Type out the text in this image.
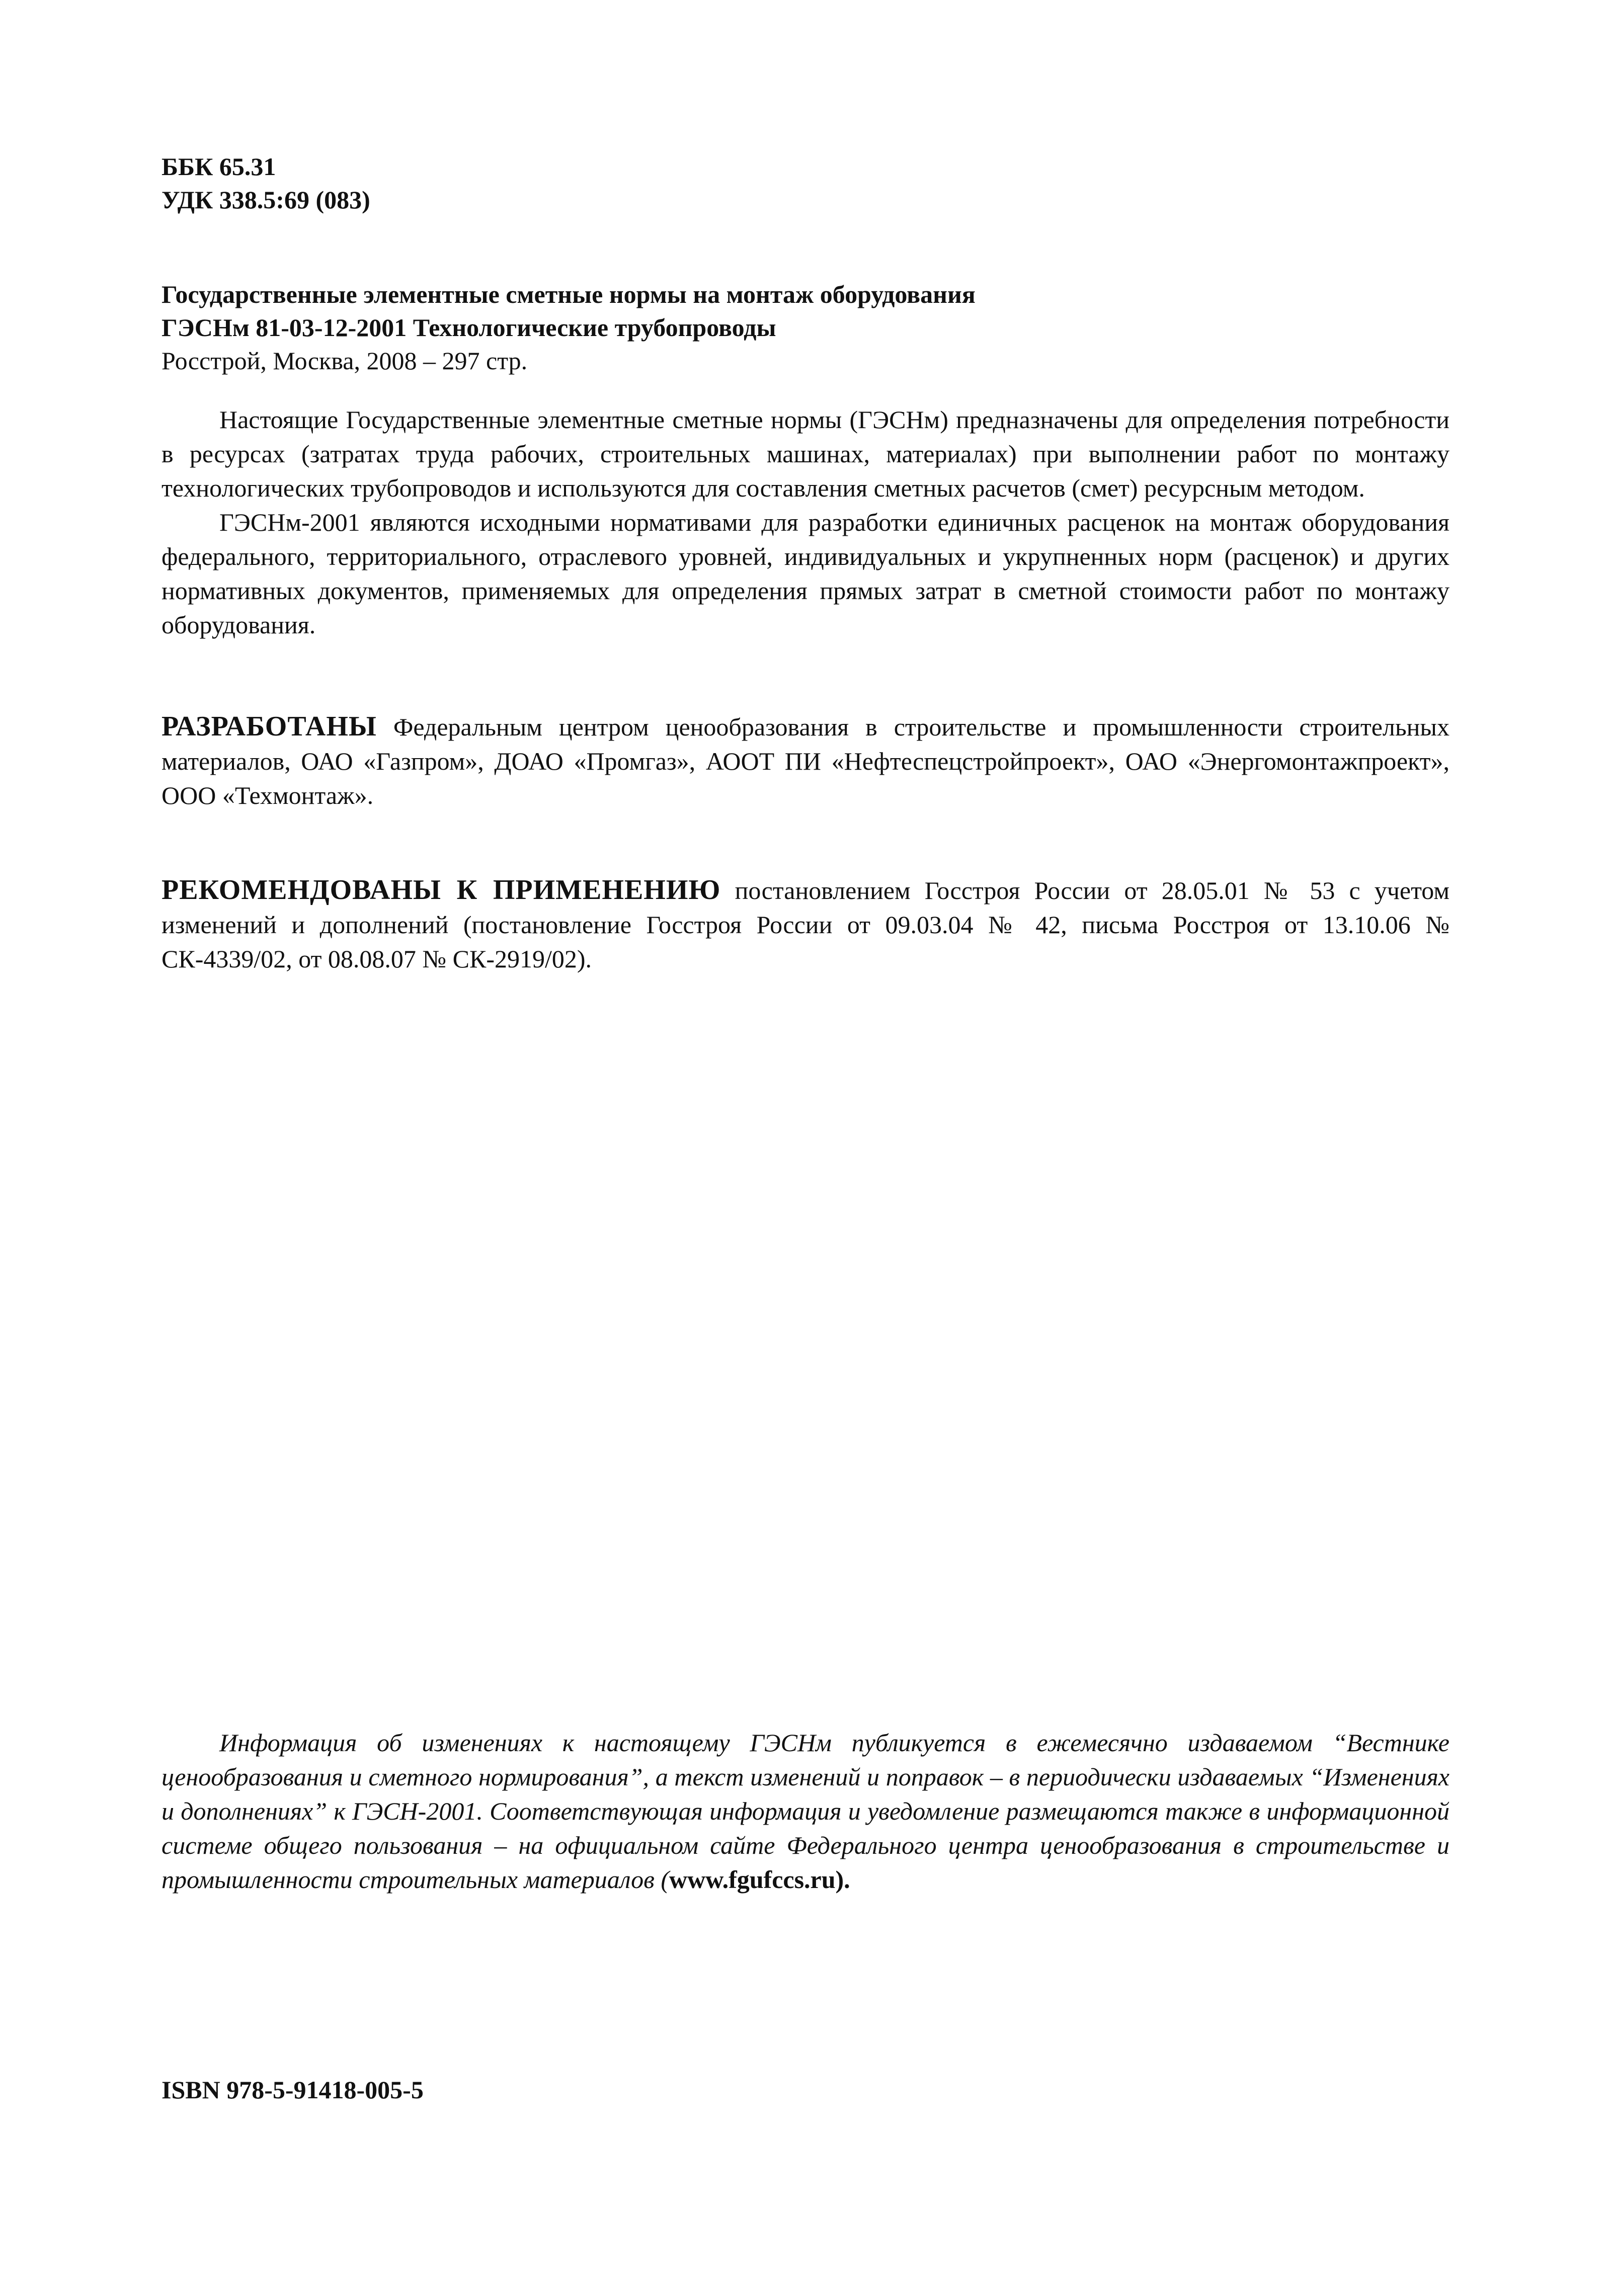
ББК 65.31
УДК 338.5:69 (083)
Государственные элементные сметные нормы на монтаж оборудования
ГЭСНм 81-03-12-2001 Технологические трубопроводы
Росстрой, Москва, 2008 – 297 стр.

Настоящие Государственные элементные сметные нормы (ГЭСНм) предназначены для определения потребности в ресурсах (затратах труда рабочих, строительных машинах, материалах) при выполнении работ по монтажу технологических трубопроводов и используются для составления сметных расчетов (смет) ресурсным методом.

ГЭСНм-2001 являются исходными нормативами для разработки единичных расценок на монтаж оборудования федерального, территориального, отраслевого уровней, индивидуальных и укрупненных норм (расценок) и других нормативных документов, применяемых для определения прямых затрат в сметной стоимости работ по монтажу оборудования.

РАЗРАБОТАНЫ Федеральным центром ценообразования в строительстве и промышленности строительных материалов, ОАО «Газпром», ДОАО «Промгаз», АООТ ПИ «Нефтеспецстройпроект», ОАО «Энергомонтажпроект», ООО «Техмонтаж».

РЕКОМЕНДОВАНЫ К ПРИМЕНЕНИЮ постановлением Госстроя России от 28.05.01 № 53 с учетом изменений и дополнений (постановление Госстроя России от 09.03.04 № 42, письма Росстроя от 13.10.06 № СК-4339/02, от 08.08.07 № СК-2919/02).

Информация об изменениях к настоящему ГЭСНм публикуется в ежемесячно издаваемом “Вестнике ценообразования и сметного нормирования”, а текст изменений и поправок – в периодически издаваемых “Изменениях и дополнениях” к ГЭСН-2001. Соответствующая информация и уведомление размещаются также в информационной системе общего пользования – на официальном сайте Федерального центра ценообразования в строительстве и промышленности строительных материалов (www.fgufccs.ru).

ISBN 978-5-91418-005-5
